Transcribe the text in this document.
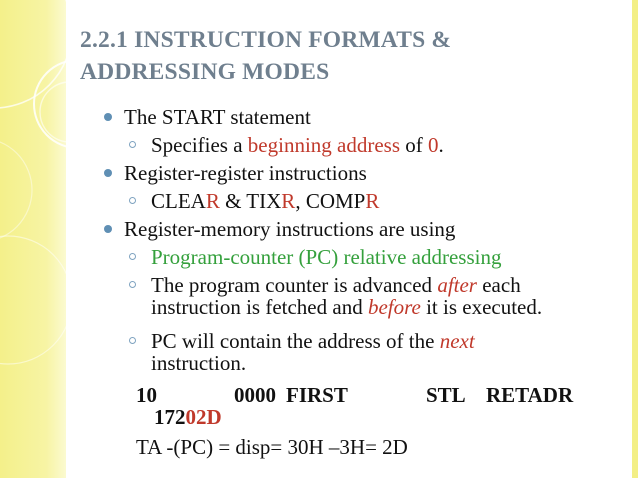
2.2.1 INSTRUCTION FORMATS &
ADDRESSING MODES
The START statement
Specifies a beginning address of 0.
Register-register instructions
CLEAR & TIXR, COMPR
Register-memory instructions are using
Program-counter (PC) relative addressing
The program counter is advanced after each
instruction is fetched and before it is executed.
PC will contain the address of the next
instruction.
10	0000 FIRST	STL RETADR
17202D
TA -(PC) = disp= 30H –3H= 2D
